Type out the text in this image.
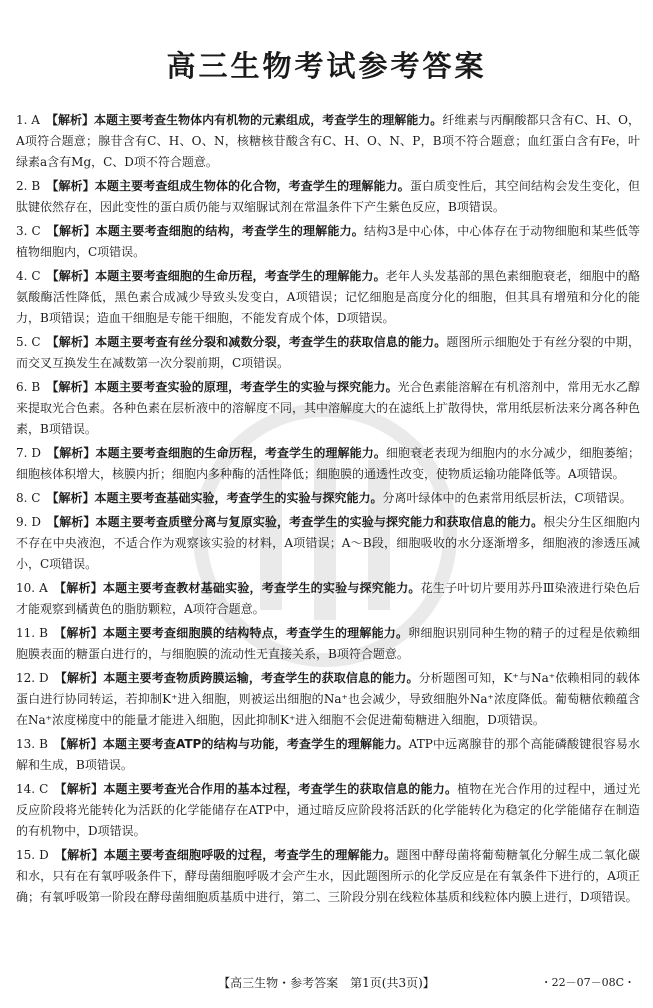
高三生物考试参考答案
1. A  【解析】本题主要考查生物体内有机物的元素组成，考查学生的理解能力。纤维素与丙酮酸都只含有C、H、O，A项符合题意；腺苷含有C、H、O、N，核糖核苷酸含有C、H、O、N、P，B项不符合题意；血红蛋白含有Fe，叶绿素a含有Mg，C、D项不符合题意。
2. B  【解析】本题主要考查组成生物体的化合物，考查学生的理解能力。蛋白质变性后，其空间结构会发生变化，但肽键依然存在，因此变性的蛋白质仍能与双缩脲试剂在常温条件下产生紫色反应，B项错误。
3. C  【解析】本题主要考查细胞的结构，考查学生的理解能力。结构3是中心体，中心体存在于动物细胞和某些低等植物细胞内，C项错误。
4. C  【解析】本题主要考查细胞的生命历程，考查学生的理解能力。老年人头发基部的黑色素细胞衰老，细胞中的酪氨酸酶活性降低，黑色素合成减少导致头发变白，A项错误；记忆细胞是高度分化的细胞，但其具有增殖和分化的能力，B项错误；造血干细胞是专能干细胞，不能发育成个体，D项错误。
5. C  【解析】本题主要考查有丝分裂和减数分裂，考查学生的获取信息的能力。题图所示细胞处于有丝分裂的中期，而交叉互换发生在减数第一次分裂前期，C项错误。
6. B  【解析】本题主要考查实验的原理，考查学生的实验与探究能力。光合色素能溶解在有机溶剂中，常用无水乙醇来提取光合色素。各种色素在层析液中的溶解度不同，其中溶解度大的在滤纸上扩散得快，常用纸层析法来分离各种色素，B项错误。
7. D  【解析】本题主要考查细胞的生命历程，考查学生的理解能力。细胞衰老表现为细胞内的水分减少，细胞萎缩；细胞核体积增大，核膜内折；细胞内多种酶的活性降低；细胞膜的通透性改变，使物质运输功能降低等。A项错误。
8. C  【解析】本题主要考查基础实验，考查学生的实验与探究能力。分离叶绿体中的色素常用纸层析法，C项错误。
9. D  【解析】本题主要考查质壁分离与复原实验，考查学生的实验与探究能力和获取信息的能力。根尖分生区细胞内不存在中央液泡，不适合作为观察该实验的材料，A项错误；A～B段，细胞吸收的水分逐渐增多，细胞液的渗透压减小，C项错误。
10. A  【解析】本题主要考查教材基础实验，考查学生的实验与探究能力。花生子叶切片要用苏丹Ⅲ染液进行染色后才能观察到橘黄色的脂肪颗粒，A项符合题意。
11. B  【解析】本题主要考查细胞膜的结构特点，考查学生的理解能力。卵细胞识别同种生物的精子的过程是依赖细胞膜表面的糖蛋白进行的，与细胞膜的流动性无直接关系，B项符合题意。
12. D  【解析】本题主要考查物质跨膜运输，考查学生的获取信息的能力。分析题图可知，K⁺与Na⁺依赖相同的载体蛋白进行协同转运，若抑制K⁺进入细胞，则被运出细胞的Na⁺也会减少，导致细胞外Na⁺浓度降低。葡萄糖依赖蕴含在Na⁺浓度梯度中的能量才能进入细胞，因此抑制K⁺进入细胞不会促进葡萄糖进入细胞，D项错误。
13. B  【解析】本题主要考查ATP的结构与功能，考查学生的理解能力。ATP中远离腺苷的那个高能磷酸键很容易水解和生成，B项错误。
14. C  【解析】本题主要考查光合作用的基本过程，考查学生的获取信息的能力。植物在光合作用的过程中，通过光反应阶段将光能转化为活跃的化学能储存在ATP中，通过暗反应阶段将活跃的化学能转化为稳定的化学能储存在制造的有机物中，D项错误。
15. D  【解析】本题主要考查细胞呼吸的过程，考查学生的理解能力。题图中酵母菌将葡萄糖氧化分解生成二氧化碳和水，只有在有氧呼吸条件下，酵母菌细胞呼吸才会产生水，因此题图所示的化学反应是在有氧条件下进行的，A项正确；有氧呼吸第一阶段在酵母菌细胞质基质中进行，第二、三阶段分别在线粒体基质和线粒体内膜上进行，D项错误。
【高三生物・参考答案　第1页(共3页)】	・22－07－08C・
